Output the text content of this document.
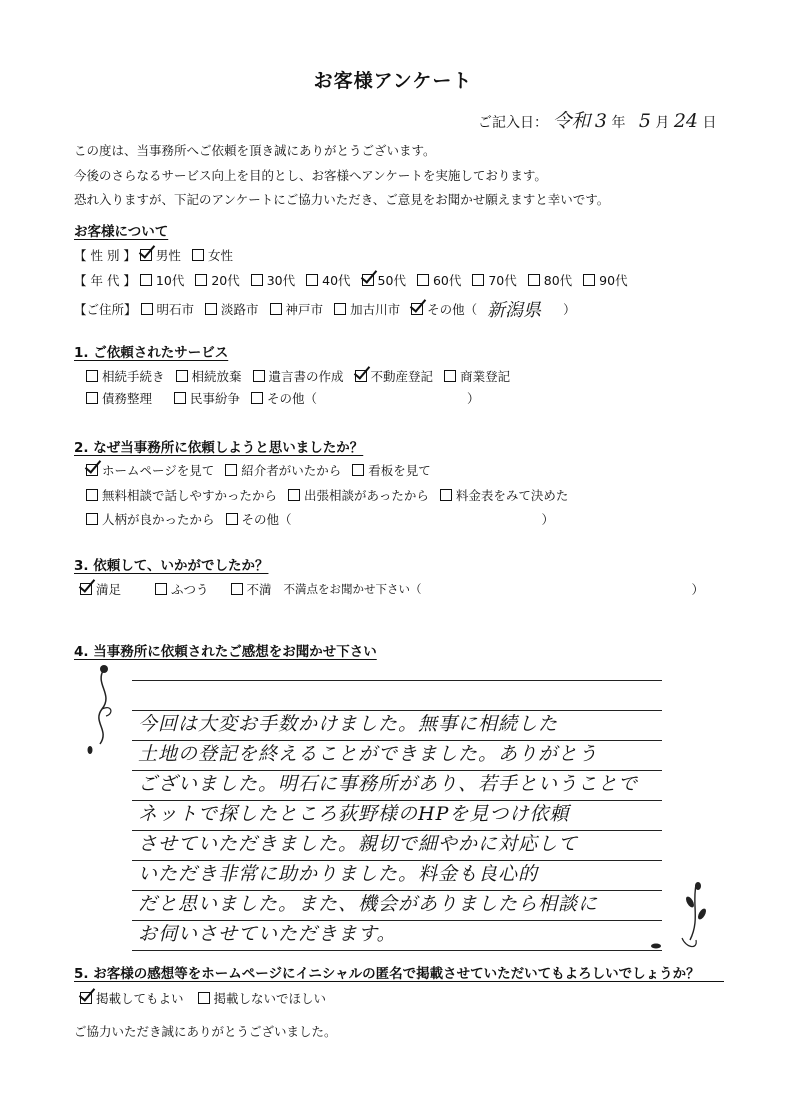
お客様アンケート
ご記入日： 令和 3 年 5 月 24 日
この度は、当事務所へご依頼を頂き誠にありがとうございます。
今後のさらなるサービス向上を目的とし、お客様へアンケートを実施しております。
恐れ入りますが、下記のアンケートにご協力いただき、ご意見をお聞かせ願えますと幸いです。
お客様について
【 性 別 】 男性 女性
【 年 代 】 10代 20代 30代 40代 50代 60代 70代 80代 90代
【ご住所】 明石市 淡路市 神戸市 加古川市 その他（ 新潟県 ）
1. ご依頼されたサービス
相続手続き 相続放棄 遺言書の作成 不動産登記 商業登記
債務整理	民事紛争 その他（	）
2. なぜ当事務所に依頼しようと思いましたか？
ホームページを見て 紹介者がいたから 看板を見て
無料相談で話しやすかったから 出張相談があったから 料金表をみて決めた
人柄が良かったから その他（	）
3. 依頼して、いかがでしたか？
満足	ふつう	不満 不満点をお聞かせ下さい（	）
4. 当事務所に依頼されたご感想をお聞かせ下さい
今回は大変お手数かけました。無事に相続した
土地の登記を終えることができました。ありがとう
ございました。明石に事務所があり、若手ということで
ネットで探したところ荻野様のHPを見つけ依頼
させていただきました。親切で細やかに対応して
いただき非常に助かりました。料金も良心的
だと思いました。また、機会がありましたら相談に
お伺いさせていただきます。
5. お客様の感想等をホームページにイニシャルの匿名で掲載させていただいてもよろしいでしょうか？
掲載してもよい 掲載しないでほしい
ご協力いただき誠にありがとうございました。
